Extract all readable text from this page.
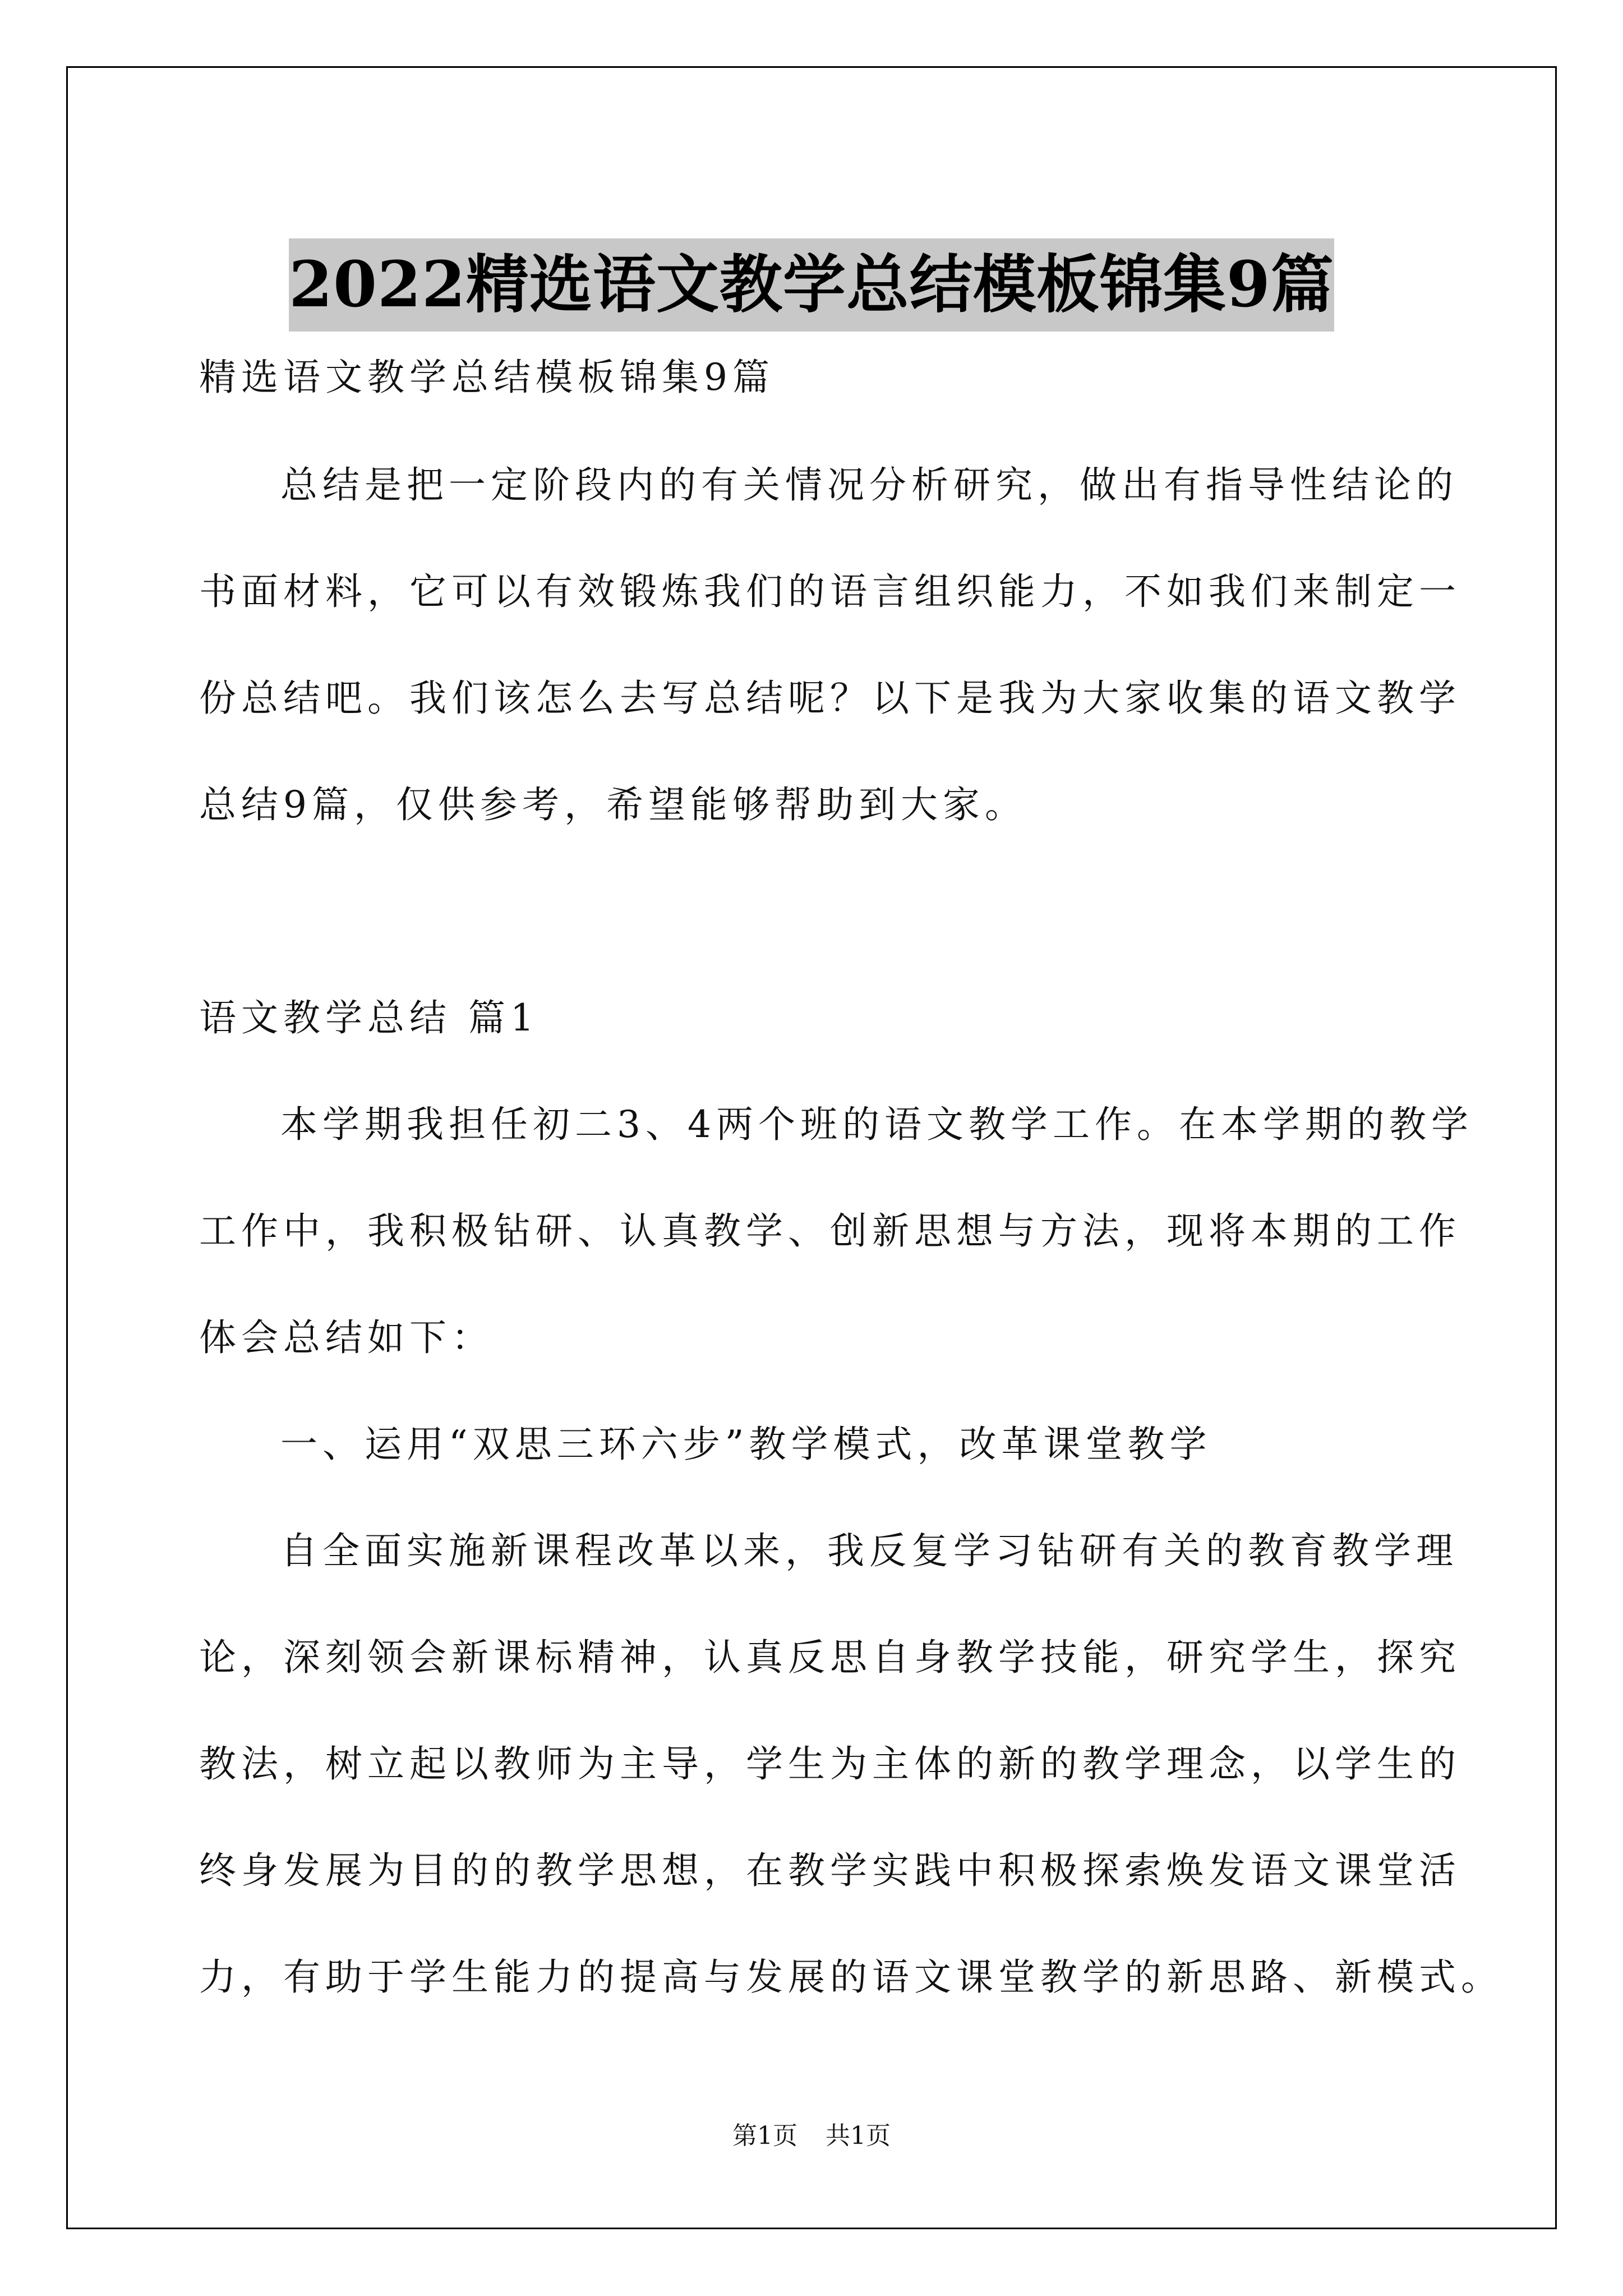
2022精选语文教学总结模板锦集9篇

精选语文教学总结模板锦集9篇

总结是把一定阶段内的有关情况分析研究，做出有指导性结论的

书面材料，它可以有效锻炼我们的语言组织能力，不如我们来制定一

份总结吧。我们该怎么去写总结呢？以下是我为大家收集的语文教学

总结9篇，仅供参考，希望能够帮助到大家。

语文教学总结 篇1

本学期我担任初二3、4两个班的语文教学工作。在本学期的教学

工作中，我积极钻研、认真教学、创新思想与方法，现将本期的工作

体会总结如下：

一、运用“双思三环六步”教学模式，改革课堂教学

自全面实施新课程改革以来，我反复学习钻研有关的教育教学理

论，深刻领会新课标精神，认真反思自身教学技能，研究学生，探究

教法，树立起以教师为主导，学生为主体的新的教学理念，以学生的

终身发展为目的的教学思想，在教学实践中积极探索焕发语文课堂活

力，有助于学生能力的提高与发展的语文课堂教学的新思路、新模式。

第1页 共1页
